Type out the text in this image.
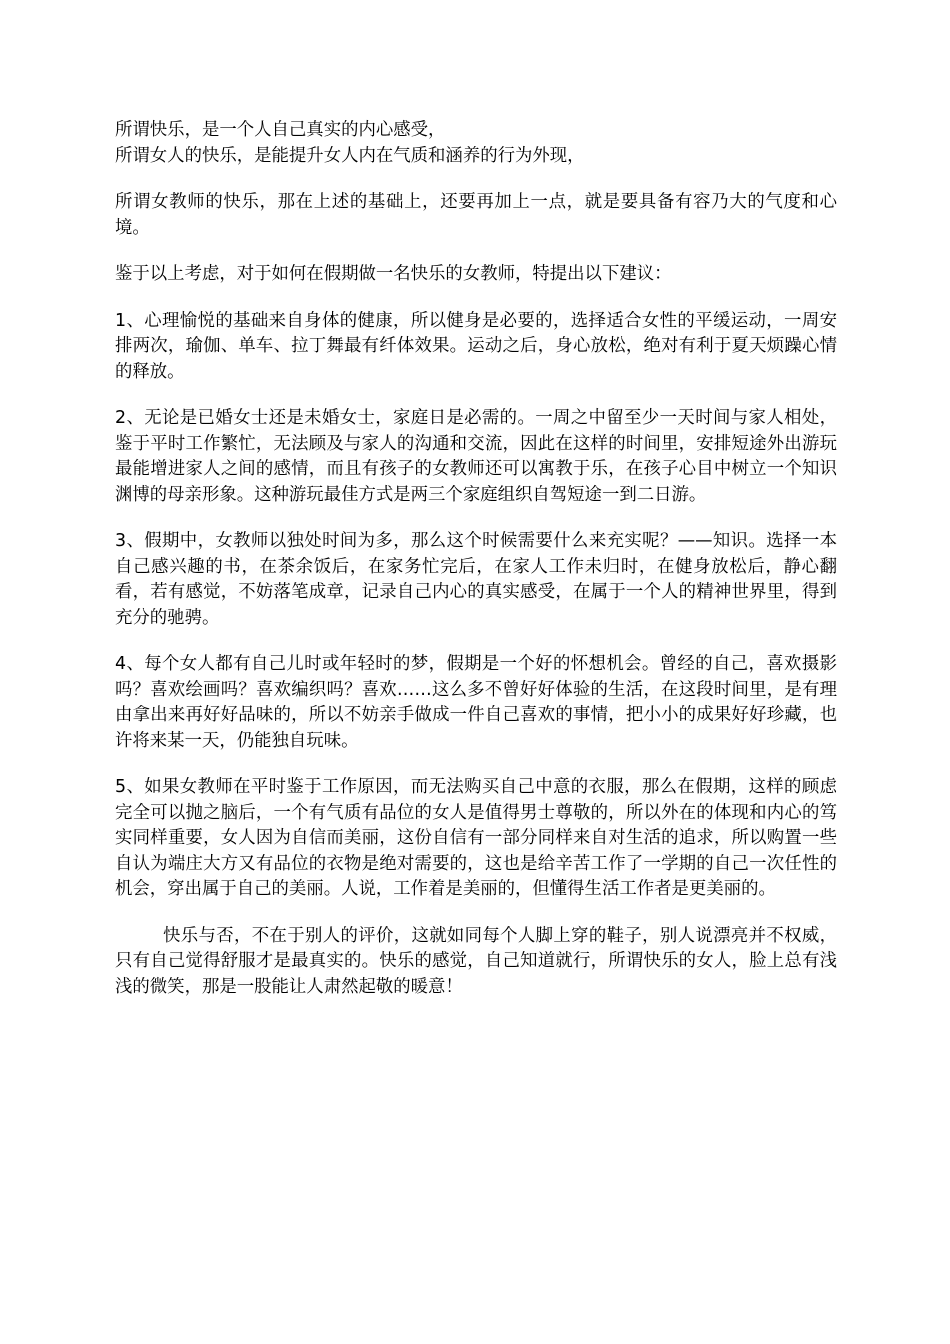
所谓快乐，是一个人自己真实的内心感受，

所谓女人的快乐，是能提升女人内在气质和涵养的行为外现，

所谓女教师的快乐，那在上述的基础上，还要再加上一点，就是要具备有容乃大的气度和心境。

鉴于以上考虑，对于如何在假期做一名快乐的女教师，特提出以下建议：

1、心理愉悦的基础来自身体的健康，所以健身是必要的，选择适合女性的平缓运动，一周安排两次，瑜伽、单车、拉丁舞最有纤体效果。运动之后，身心放松，绝对有利于夏天烦躁心情的释放。

2、无论是已婚女士还是未婚女士，家庭日是必需的。一周之中留至少一天时间与家人相处，鉴于平时工作繁忙，无法顾及与家人的沟通和交流，因此在这样的时间里，安排短途外出游玩最能增进家人之间的感情，而且有孩子的女教师还可以寓教于乐，在孩子心目中树立一个知识渊博的母亲形象。这种游玩最佳方式是两三个家庭组织自驾短途一到二日游。

3、假期中，女教师以独处时间为多，那么这个时候需要什么来充实呢？——知识。选择一本自己感兴趣的书，在茶余饭后，在家务忙完后，在家人工作未归时，在健身放松后，静心翻看，若有感觉，不妨落笔成章，记录自己内心的真实感受，在属于一个人的精神世界里，得到充分的驰骋。

4、每个女人都有自己儿时或年轻时的梦，假期是一个好的怀想机会。曾经的自己，喜欢摄影吗？喜欢绘画吗？喜欢编织吗？喜欢……这么多不曾好好体验的生活，在这段时间里，是有理由拿出来再好好品味的，所以不妨亲手做成一件自己喜欢的事情，把小小的成果好好珍藏，也许将来某一天，仍能独自玩味。

5、如果女教师在平时鉴于工作原因，而无法购买自己中意的衣服，那么在假期，这样的顾虑完全可以抛之脑后，一个有气质有品位的女人是值得男士尊敬的，所以外在的体现和内心的笃实同样重要，女人因为自信而美丽，这份自信有一部分同样来自对生活的追求，所以购置一些自认为端庄大方又有品位的衣物是绝对需要的，这也是给辛苦工作了一学期的自己一次任性的机会，穿出属于自己的美丽。人说，工作着是美丽的，但懂得生活工作者是更美丽的。

快乐与否，不在于别人的评价，这就如同每个人脚上穿的鞋子，别人说漂亮并不权威，只有自己觉得舒服才是最真实的。快乐的感觉，自己知道就行，所谓快乐的女人，脸上总有浅浅的微笑，那是一股能让人肃然起敬的暖意！
